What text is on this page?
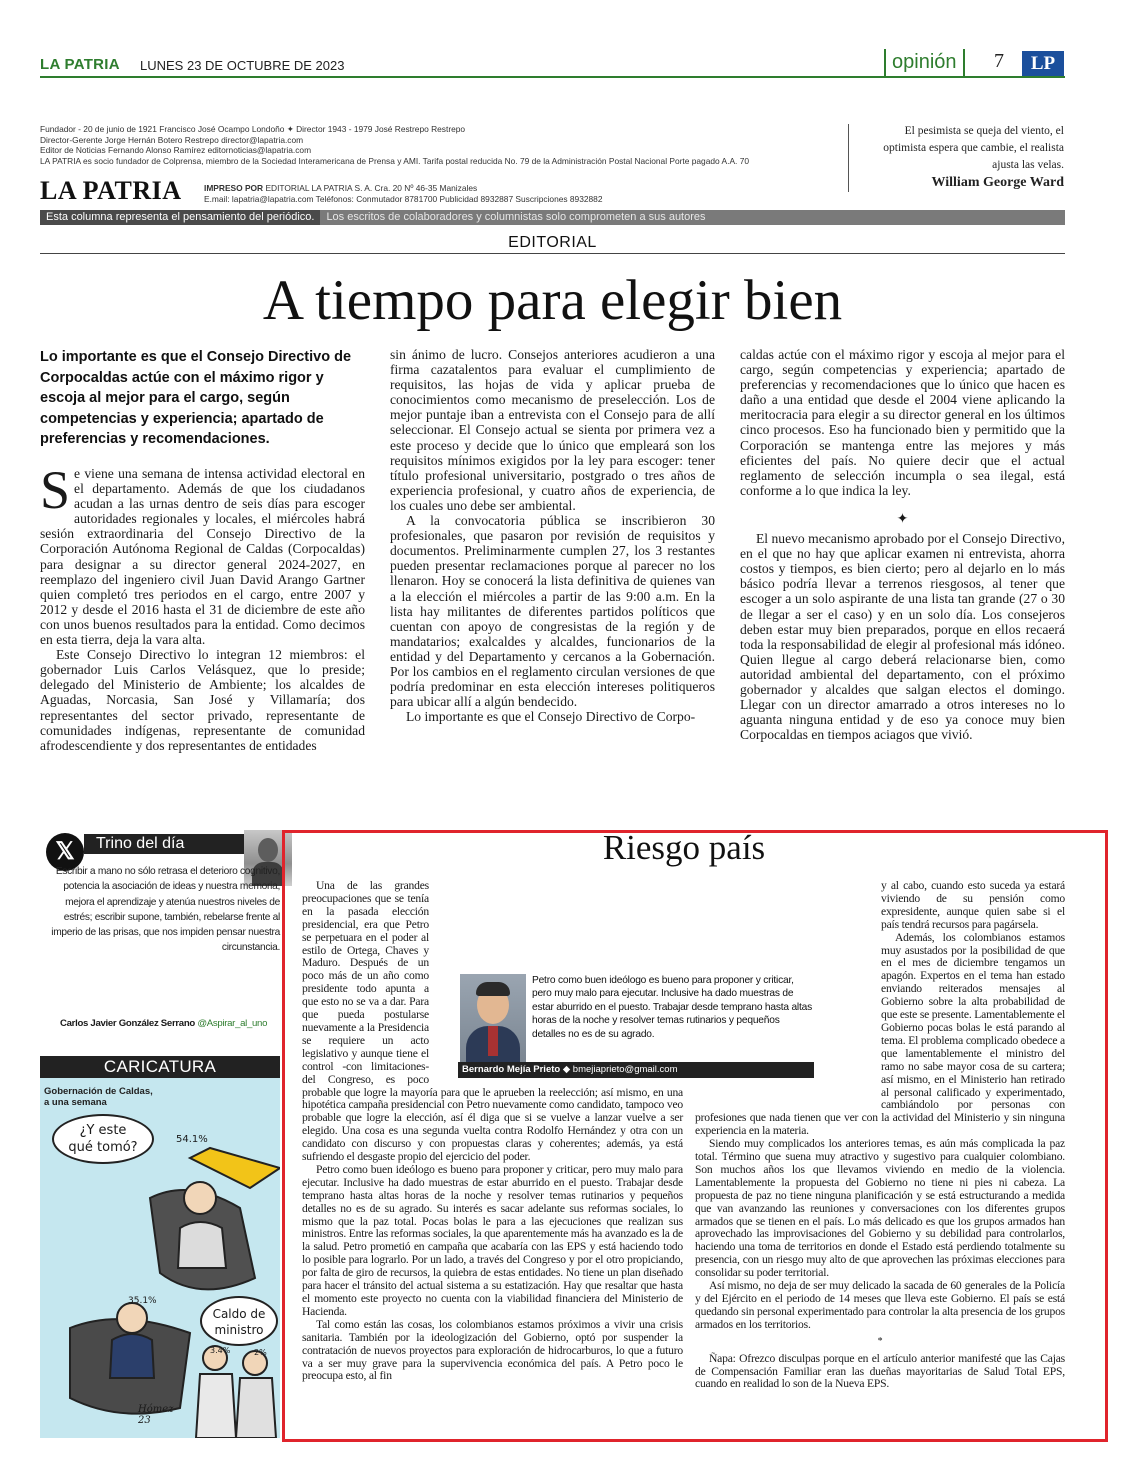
LA PATRIA LUNES 23 DE OCTUBRE DE 2023	opinión	7	LP
Fundador - 20 de junio de 1921 Francisco José Ocampo Londoño ✦ Director 1943 - 1979 José Restrepo Restrepo
Director-Gerente Jorge Hernán Botero Restrepo director@lapatria.com
Editor de Noticias Fernando Alonso Ramírez editornoticias@lapatria.com
LA PATRIA es socio fundador de Colprensa, miembro de la Sociedad Interamericana de Prensa y AMI. Tarifa postal reducida No. 79 de la Administración Postal Nacional Porte pagado A.A. 70
LA PATRIA	IMPRESO POR EDITORIAL LA PATRIA S. A. Cra. 20 Nº 46-35 Manizales
E.mail: lapatria@lapatria.com Teléfonos: Conmutador 8781700 Publicidad 8932887 Suscripciones 8932882
El pesimista se queja del viento, el
optimista espera que cambie, el realista
ajusta las velas.
William George Ward
Esta columna representa el pensamiento del periódico. Los escritos de colaboradores y columnistas solo comprometen a sus autores
EDITORIAL
A tiempo para elegir bien
Lo importante es que el Consejo Directivo de Corpocaldas actúe con el máximo rigor y escoja al mejor para el cargo, según competencias y experiencia; apartado de preferencias y recomendaciones.

Se viene una semana de intensa actividad electoral en el departamento. Además de que los ciudadanos acudan a las urnas dentro de seis días para escoger autoridades regionales y locales, el miércoles habrá sesión extraordinaria del Consejo Directivo de la Corporación Autónoma Regional de Caldas (Corpocaldas) para designar a su director general 2024-2027, en reemplazo del ingeniero civil Juan David Arango Gartner quien completó tres periodos en el cargo, entre 2007 y 2012 y desde el 2016 hasta el 31 de diciembre de este año con unos buenos resultados para la entidad. Como decimos en esta tierra, deja la vara alta.

Este Consejo Directivo lo integran 12 miembros: el gobernador Luis Carlos Velásquez, que lo preside; delegado del Ministerio de Ambiente; los alcaldes de Aguadas, Norcasia, San José y Villamaría; dos representantes del sector privado, representante de comunidades indígenas, representante de comunidad afrodescendiente y dos representantes de entidades

sin ánimo de lucro. Consejos anteriores acudieron a una firma cazatalentos para evaluar el cumplimiento de requisitos, las hojas de vida y aplicar prueba de conocimientos como mecanismo de preselección. Los de mejor puntaje iban a entrevista con el Consejo para de allí seleccionar. El Consejo actual se sienta por primera vez a este proceso y decide que lo único que empleará son los requisitos mínimos exigidos por la ley para escoger: tener título profesional universitario, postgrado o tres años de experiencia profesional, y cuatro años de experiencia, de los cuales uno debe ser ambiental.

A la convocatoria pública se inscribieron 30 profesionales, que pasaron por revisión de requisitos y documentos. Preliminarmente cumplen 27, los 3 restantes pueden presentar reclamaciones porque al parecer no los llenaron. Hoy se conocerá la lista definitiva de quienes van a la elección el miércoles a partir de las 9:00 a.m. En la lista hay militantes de diferentes partidos políticos que cuentan con apoyo de congresistas de la región y de mandatarios; exalcaldes y alcaldes, funcionarios de la entidad y del Departamento y cercanos a la Gobernación. Por los cambios en el reglamento circulan versiones de que podría predominar en esta elección intereses politiqueros para ubicar allí a algún bendecido.

Lo importante es que el Consejo Directivo de Corpo-

caldas actúe con el máximo rigor y escoja al mejor para el cargo, según competencias y experiencia; apartado de preferencias y recomendaciones que lo único que hacen es daño a una entidad que desde el 2004 viene aplicando la meritocracia para elegir a su director general en los últimos cinco procesos. Eso ha funcionado bien y permitido que la Corporación se mantenga entre las mejores y más eficientes del país. No quiere decir que el actual reglamento de selección incumpla o sea ilegal, está conforme a lo que indica la ley.

✦

El nuevo mecanismo aprobado por el Consejo Directivo, en el que no hay que aplicar examen ni entrevista, ahorra costos y tiempos, es bien cierto; pero al dejarlo en lo más básico podría llevar a terrenos riesgosos, al tener que escoger a un solo aspirante de una lista tan grande (27 o 30 de llegar a ser el caso) y en un solo día. Los consejeros deben estar muy bien preparados, porque en ellos recaerá toda la responsabilidad de elegir al profesional más idóneo. Quien llegue al cargo deberá relacionarse bien, como autoridad ambiental del departamento, con el próximo gobernador y alcaldes que salgan electos el domingo. Llegar con un director amarrado a otros intereses no lo aguanta ninguna entidad y de eso ya conoce muy bien Corpocaldas en tiempos aciagos que vivió.

𝕏	Trino del día
Escribir a mano no sólo retrasa el deterioro cognitivo, potencia la asociación de ideas y nuestra memoria, mejora el aprendizaje y atenúa nuestros niveles de estrés; escribir supone, también, rebelarse frente al imperio de las prisas, que nos impiden pensar nuestra circunstancia.
Carlos Javier González Serrano @Aspirar_al_uno
CARICATURA
Gobernación de Caldas,
a una semana
¿Y este
qué tomó?
54.1%
35.1%
Caldo de
ministro
3.4%	2%
Hómez 23
Riesgo país

Una de las grandes preocupaciones que se tenía en la pasada elección presidencial, era que Petro se perpetuara en el poder al estilo de Ortega, Chaves y Maduro. Después de un poco más de un año como presidente todo apunta a que esto no se va a dar. Para que pueda postularse nuevamente a la Presidencia se requiere un acto legislativo y aunque tiene el control -con limitaciones- del Congreso, es poco probable que logre la mayoría para que le aprueben la reelección; así mismo, en una hipotética campaña presidencial con Petro nuevamente como candidato, tampoco veo probable que logre la elección, así él diga que si se vuelve a lanzar vuelve a ser elegido. Una cosa es una segunda vuelta contra Rodolfo Hernández y otra con un candidato con discurso y con propuestas claras y coherentes; además, ya está sufriendo el desgaste propio del ejercicio del poder.

Petro como buen ideólogo es bueno para proponer y criticar, pero muy malo para ejecutar. Inclusive ha dado muestras de estar aburrido en el puesto. Trabajar desde temprano hasta altas horas de la noche y resolver temas rutinarios y pequeños detalles no es de su agrado. Su interés es sacar adelante sus reformas sociales, lo mismo que la paz total. Pocas bolas le para a las ejecuciones que realizan sus ministros. Entre las reformas sociales, la que aparentemente más ha avanzado es la de la salud. Petro prometió en campaña que acabaría con las EPS y está haciendo todo lo posible para lograrlo. Por un lado, a través del Congreso y por el otro propiciando, por falta de giro de recursos, la quiebra de estas entidades. No tiene un plan diseñado para hacer el tránsito del actual sistema a su estatización. Hay que resaltar que hasta el momento este proyecto no cuenta con la viabilidad financiera del Ministerio de Hacienda.

Tal como están las cosas, los colombianos estamos próximos a vivir una crisis sanitaria. También por la ideologización del Gobierno, optó por suspender la contratación de nuevos proyectos para exploración de hidrocarburos, lo que a futuro va a ser muy grave para la supervivencia económica del país. A Petro poco le preocupa esto, al fin

y al cabo, cuando esto suceda ya estará viviendo de su pensión como expresidente, aunque quien sabe si el país tendrá recursos para pagársela.

Además, los colombianos estamos muy asustados por la posibilidad de que en el mes de diciembre tengamos un apagón. Expertos en el tema han estado enviando reiterados mensajes al Gobierno sobre la alta probabilidad de que este se presente. Lamentablemente el Gobierno pocas bolas le está parando al tema. El problema complicado obedece a que lamentablemente el ministro del ramo no sabe mayor cosa de su cartera; así mismo, en el Ministerio han retirado al personal calificado y experimentado, cambiándolo por personas con profesiones que nada tienen que ver con la actividad del Ministerio y sin ninguna experiencia en la materia.

Siendo muy complicados los anteriores temas, es aún más complicada la paz total. Término que suena muy atractivo y sugestivo para cualquier colombiano. Son muchos años los que llevamos viviendo en medio de la violencia. Lamentablemente la propuesta del Gobierno no tiene ni pies ni cabeza. La propuesta de paz no tiene ninguna planificación y se está estructurando a medida que van avanzando las reuniones y conversaciones con los diferentes grupos armados que se tienen en el país. Lo más delicado es que los grupos armados han aprovechado las improvisaciones del Gobierno y su debilidad para controlarlos, haciendo una toma de territorios en donde el Estado está perdiendo totalmente su presencia, con un riesgo muy alto de que aprovechen las próximas elecciones para consolidar su poder territorial.

Así mismo, no deja de ser muy delicado la sacada de 60 generales de la Policía y del Ejército en el periodo de 14 meses que lleva este Gobierno. El país se está quedando sin personal experimentado para controlar la alta presencia de los grupos armados en los territorios.

*

Ñapa: Ofrezco disculpas porque en el artículo anterior manifesté que las Cajas de Compensación Familiar eran las dueñas mayoritarias de Salud Total EPS, cuando en realidad lo son de la Nueva EPS.

Petro como buen ideólogo es bueno para proponer y criticar, pero muy malo para ejecutar. Inclusive ha dado muestras de estar aburrido en el puesto. Trabajar desde temprano hasta altas horas de la noche y resolver temas rutinarios y pequeños detalles no es de su agrado.
Bernardo Mejía Prieto ◆ bmejiaprieto@gmail.com
